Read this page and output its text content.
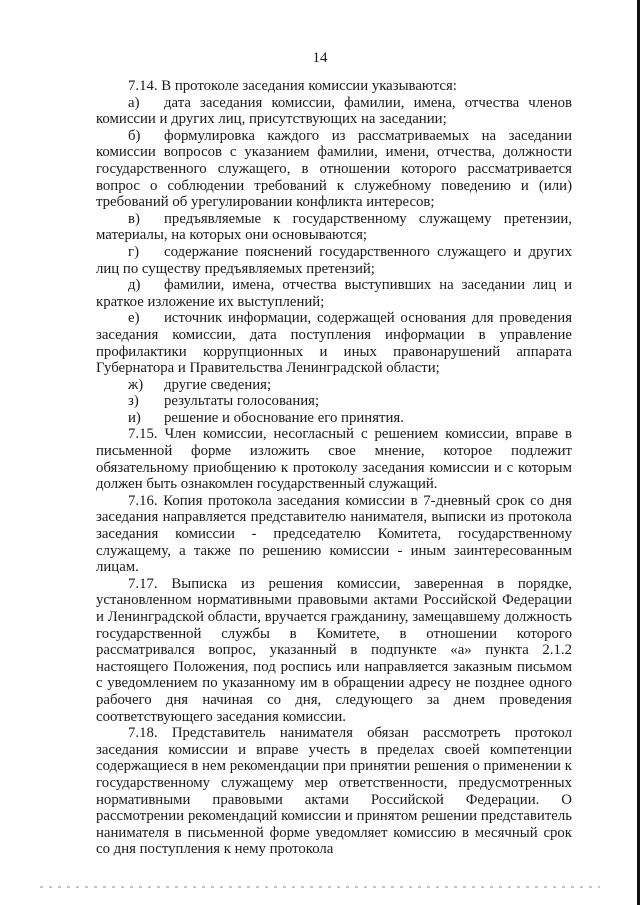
14

7.14. В протоколе заседания комиссии указываются:

а) дата заседания комиссии, фамилии, имена, отчества членов комиссии и других лиц, присутствующих на заседании;

б) формулировка каждого из рассматриваемых на заседании комиссии вопросов с указанием фамилии, имени, отчества, должности государственного служащего, в отношении которого рассматривается вопрос о соблюдении требований к служебному поведению и (или) требований об урегулировании конфликта интересов;

в) предъявляемые к государственному служащему претензии, материалы, на которых они основываются;

г) содержание пояснений государственного служащего и других лиц по существу предъявляемых претензий;

д) фамилии, имена, отчества выступивших на заседании лиц и краткое изложение их выступлений;

е) источник информации, содержащей основания для проведения заседания комиссии, дата поступления информации в управление профилактики коррупционных и иных правонарушений аппарата Губернатора и Правительства Ленинградской области;

ж) другие сведения;

з) результаты голосования;

и) решение и обоснование его принятия.

7.15. Член комиссии, несогласный с решением комиссии, вправе в письменной форме изложить свое мнение, которое подлежит обязательному приобщению к протоколу заседания комиссии и с которым должен быть ознакомлен государственный служащий.

7.16. Копия протокола заседания комиссии в 7-дневный срок со дня заседания направляется представителю нанимателя, выписки из протокола заседания комиссии - председателю Комитета, государственному служащему, а также по решению комиссии - иным заинтересованным лицам.

7.17. Выписка из решения комиссии, заверенная в порядке, установленном нормативными правовыми актами Российской Федерации и Ленинградской области, вручается гражданину, замещавшему должность государственной службы в Комитете, в отношении которого рассматривался вопрос, указанный в подпункте «а» пункта 2.1.2 настоящего Положения, под роспись или направляется заказным письмом с уведомлением по указанному им в обращении адресу не позднее одного рабочего дня начиная со дня, следующего за днем проведения соответствующего заседания комиссии.

7.18. Представитель нанимателя обязан рассмотреть протокол заседания комиссии и вправе учесть в пределах своей компетенции содержащиеся в нем рекомендации при принятии решения о применении к государственному служащему мер ответственности, предусмотренных нормативными правовыми актами Российской Федерации. О рассмотрении рекомендаций комиссии и принятом решении представитель нанимателя в письменной форме уведомляет комиссию в месячный срок со дня поступления к нему протокола
